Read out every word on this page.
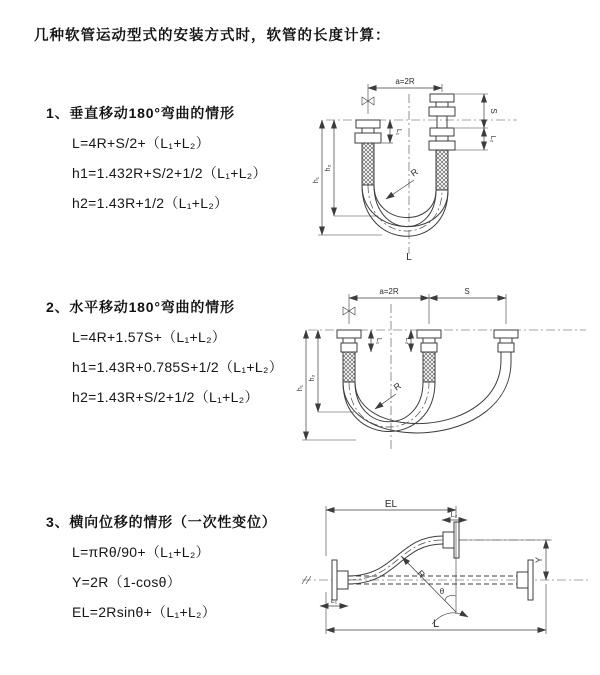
几种软管运动型式的安装方式时，软管的长度计算：
1、垂直移动180°弯曲的情形
L=4R+S/2+（L₁+L₂）
h1=1.432R+S/2+1/2（L₁+L₂）
h2=1.43R+1/2（L₁+L₂）
a=2R
L₁
S
L₂
h₁
h₂	R
L
2、水平移动180°弯曲的情形
L=4R+1.57S+（L₁+L₂）
h1=1.43R+0.785S+1/2（L₁+L₂）
h2=1.43R+S/2+1/2（L₁+L₂）
a=2R	S
L₁	L₂
h₁
h₂
R
3、横向位移的情形（一次性变位）
L=πRθ/90+（L₁+L₂）
Y=2R（1-cosθ）
EL=2Rsinθ+（L₁+L₂）
EL
L₂
Y
L
L₁
R
θ
